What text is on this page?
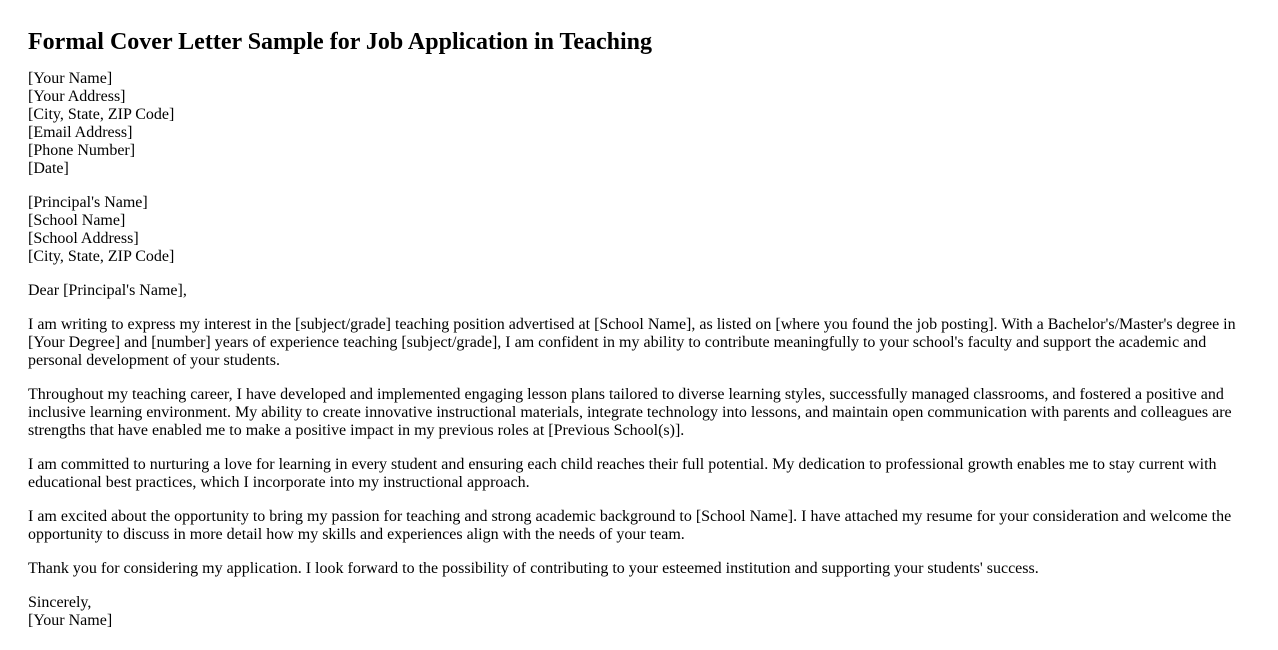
Formal Cover Letter Sample for Job Application in Teaching
[Your Name]
[Your Address]
[City, State, ZIP Code]
[Email Address]
[Phone Number]
[Date]
[Principal's Name]
[School Name]
[School Address]
[City, State, ZIP Code]

Dear [Principal's Name],

I am writing to express my interest in the [subject/grade] teaching position advertised at [School Name], as listed on [where you found the job posting]. With a Bachelor's/Master's degree in [Your Degree] and [number] years of experience teaching [subject/grade], I am confident in my ability to contribute meaningfully to your school's faculty and support the academic and personal development of your students.

Throughout my teaching career, I have developed and implemented engaging lesson plans tailored to diverse learning styles, successfully managed classrooms, and fostered a positive and inclusive learning environment. My ability to create innovative instructional materials, integrate technology into lessons, and maintain open communication with parents and colleagues are strengths that have enabled me to make a positive impact in my previous roles at [Previous School(s)].

I am committed to nurturing a love for learning in every student and ensuring each child reaches their full potential. My dedication to professional growth enables me to stay current with educational best practices, which I incorporate into my instructional approach.

I am excited about the opportunity to bring my passion for teaching and strong academic background to [School Name]. I have attached my resume for your consideration and welcome the opportunity to discuss in more detail how my skills and experiences align with the needs of your team.

Thank you for considering my application. I look forward to the possibility of contributing to your esteemed institution and supporting your students' success.

Sincerely,
[Your Name]
